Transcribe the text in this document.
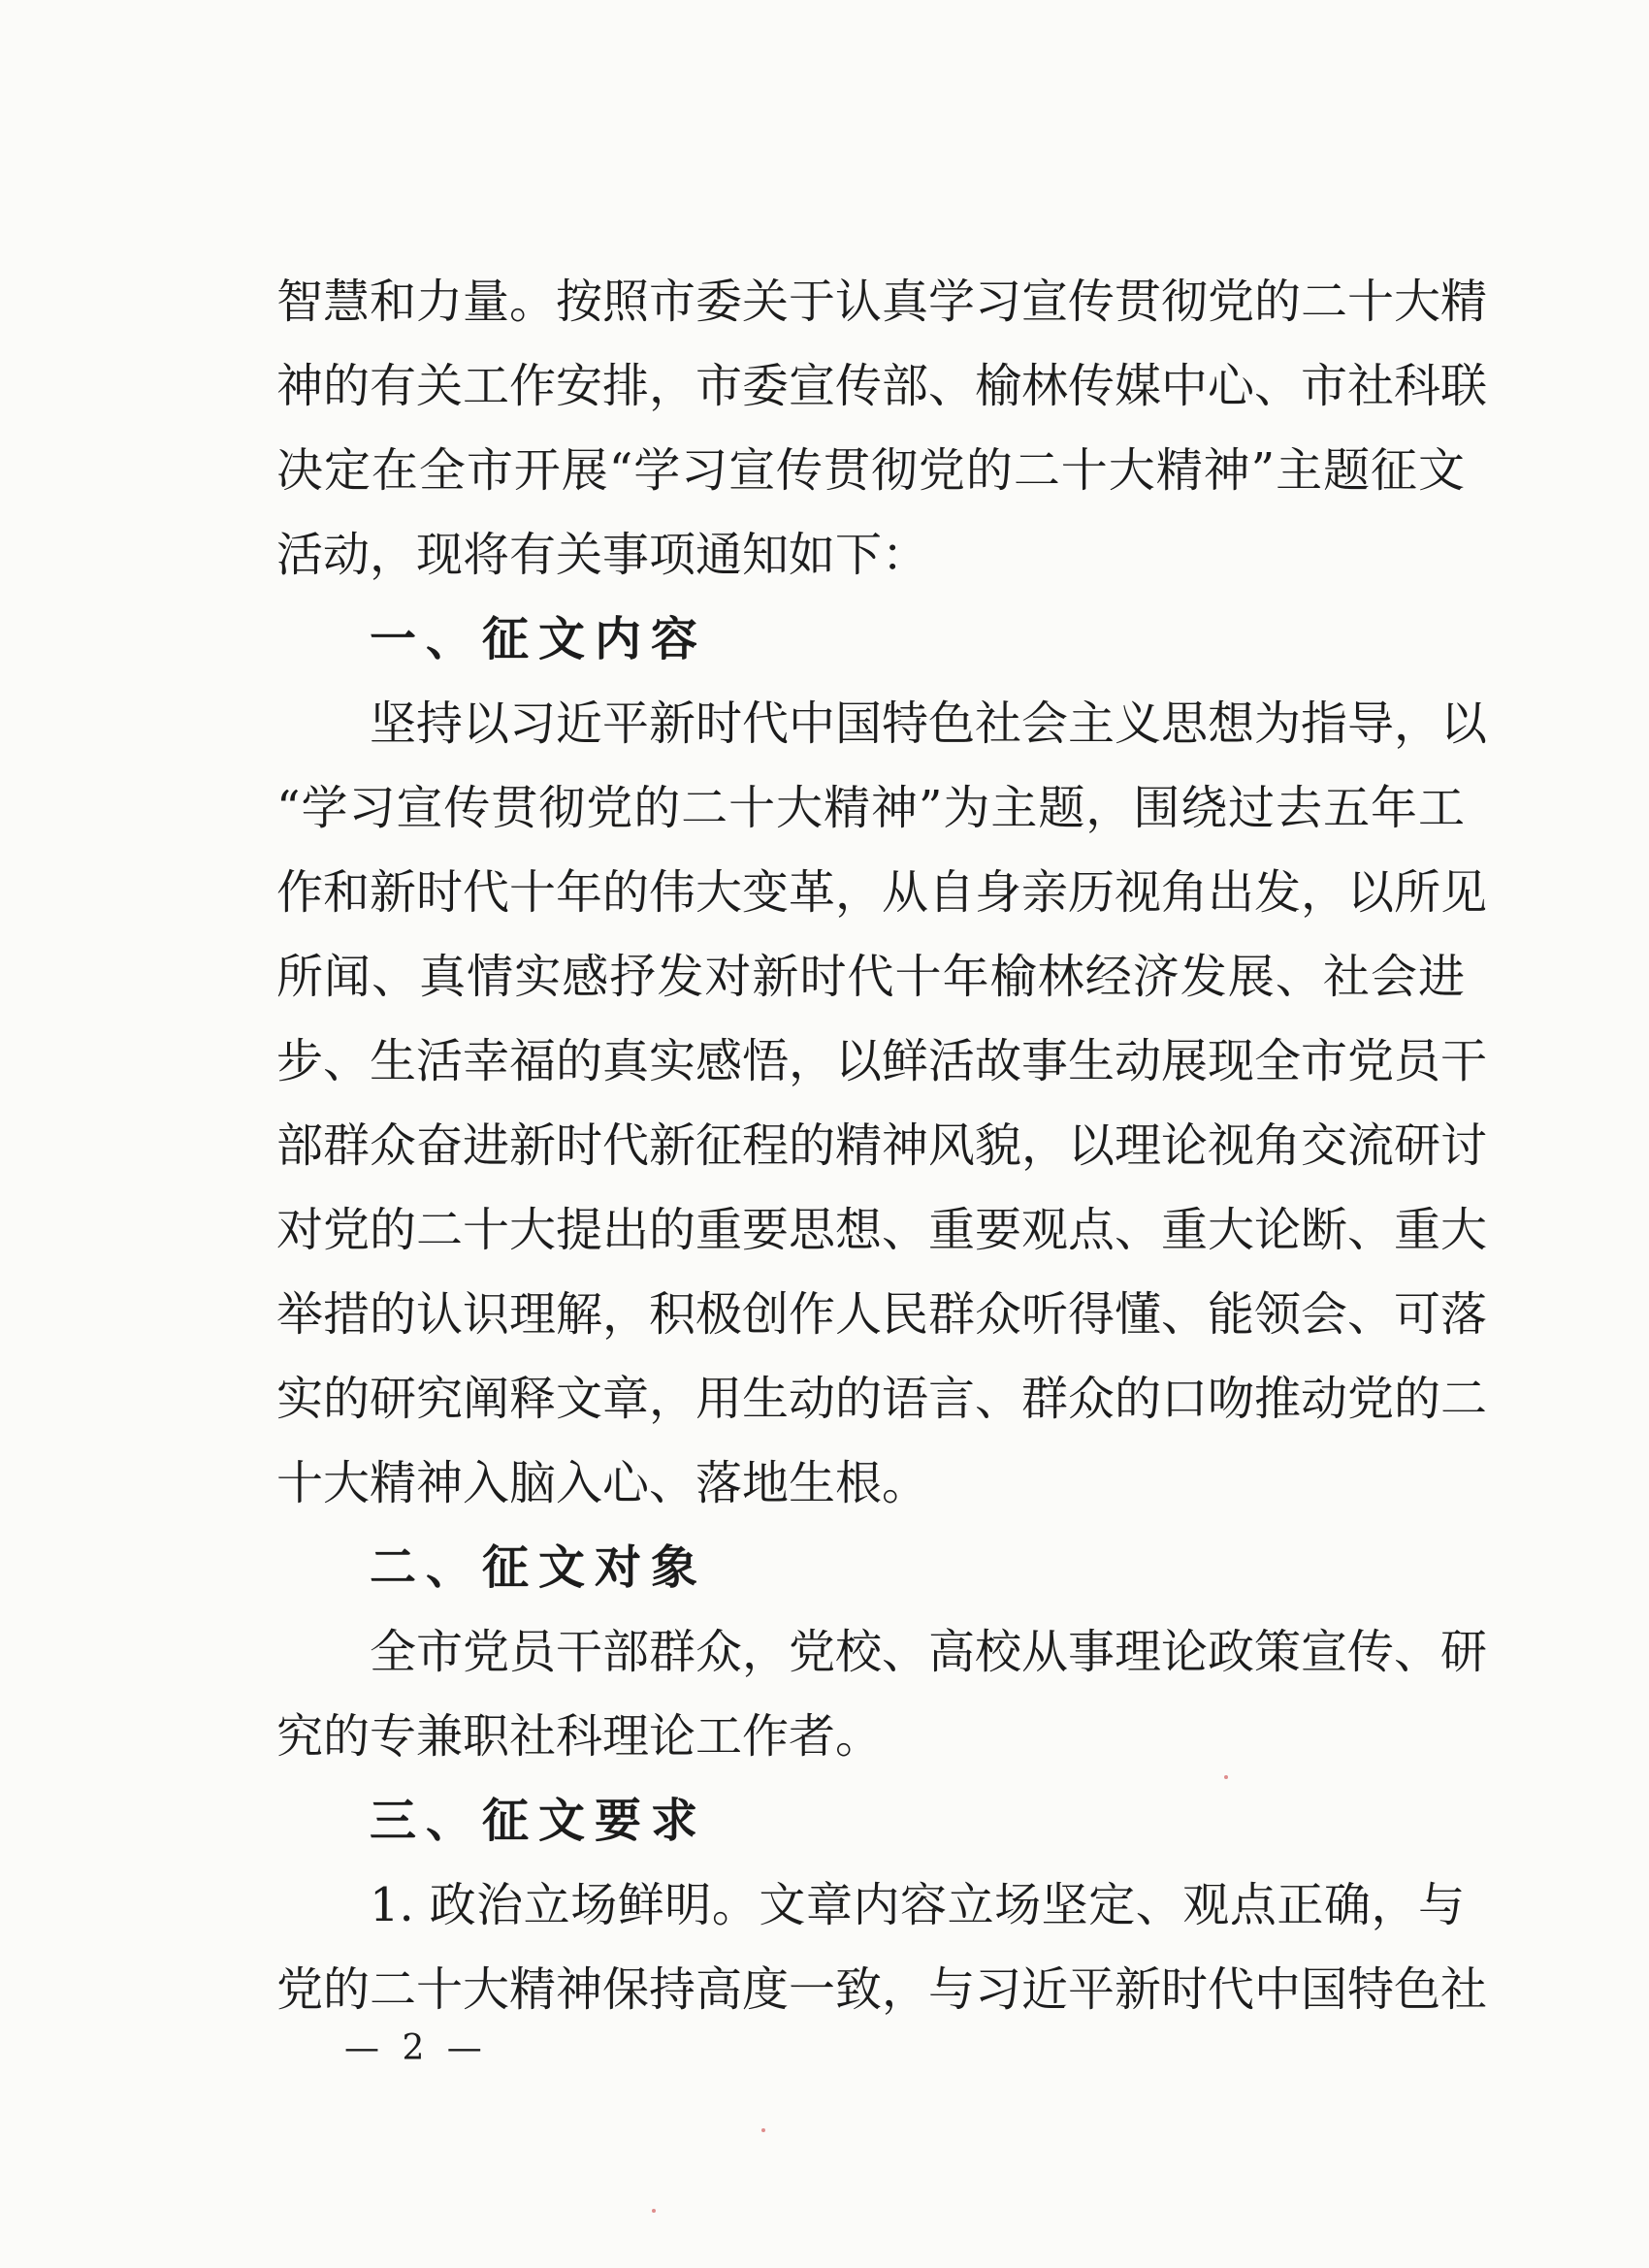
智慧和力量。按照市委关于认真学习宣传贯彻党的二十大精
神的有关工作安排，市委宣传部、榆林传媒中心、市社科联
决定在全市开展“学习宣传贯彻党的二十大精神”主题征文
活动，现将有关事项通知如下：
一、征文内容
坚持以习近平新时代中国特色社会主义思想为指导，以
“学习宣传贯彻党的二十大精神”为主题，围绕过去五年工
作和新时代十年的伟大变革，从自身亲历视角出发，以所见
所闻、真情实感抒发对新时代十年榆林经济发展、社会进
步、生活幸福的真实感悟，以鲜活故事生动展现全市党员干
部群众奋进新时代新征程的精神风貌，以理论视角交流研讨
对党的二十大提出的重要思想、重要观点、重大论断、重大
举措的认识理解，积极创作人民群众听得懂、能领会、可落
实的研究阐释文章，用生动的语言、群众的口吻推动党的二
十大精神入脑入心、落地生根。
二、征文对象
全市党员干部群众，党校、高校从事理论政策宣传、研
究的专兼职社科理论工作者。
三、征文要求
1. 政治立场鲜明。文章内容立场坚定、观点正确，与
党的二十大精神保持高度一致，与习近平新时代中国特色社
— 2 —
